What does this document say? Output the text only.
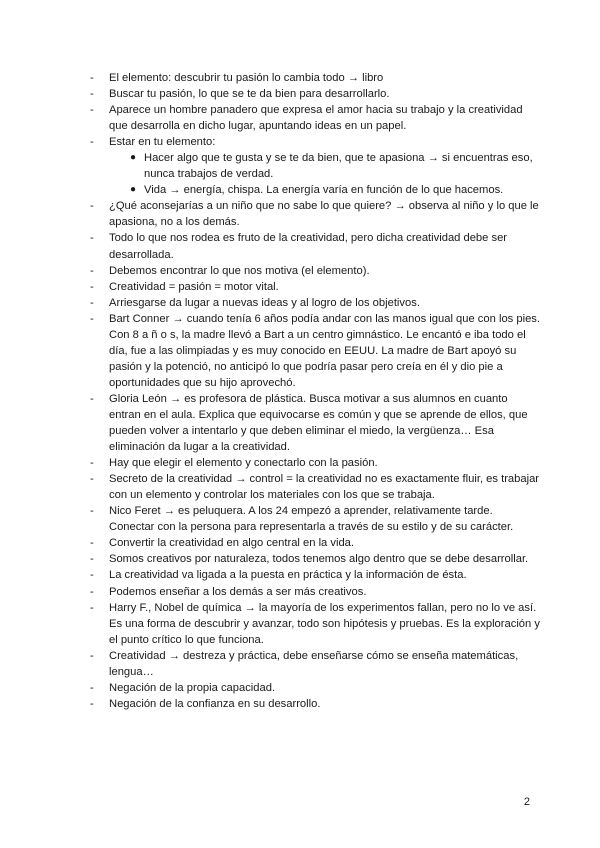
- El elemento: descubrir tu pasión lo cambia todo → libro
- Buscar tu pasión, lo que se te da bien para desarrollarlo.
- Aparece un hombre panadero que expresa el amor hacia su trabajo y la creatividad que desarrolla en dicho lugar, apuntando ideas en un papel.
- Estar en tu elemento:
● Hacer algo que te gusta y se te da bien, que te apasiona → si encuentras eso, nunca trabajos de verdad.
● Vida → energía, chispa. La energía varía en función de lo que hacemos.
- ¿Qué aconsejarías a un niño que no sabe lo que quiere? → observa al niño y lo que le apasiona, no a los demás.
- Todo lo que nos rodea es fruto de la creatividad, pero dicha creatividad debe ser desarrollada.
- Debemos encontrar lo que nos motiva (el elemento).
- Creatividad = pasión = motor vital.
- Arriesgarse da lugar a nuevas ideas y al logro de los objetivos.
- Bart Conner → cuando tenía 6 años podía andar con las manos igual que con los pies. Con 8 a ñ o s, la madre llevó a Bart a un centro gimnástico. Le encantó e iba todo el día, fue a las olimpiadas y es muy conocido en EEUU. La madre de Bart apoyó su pasión y la potenció, no anticipó lo que podría pasar pero creía en él y dio pie a oportunidades que su hijo aprovechó.
- Gloria León → es profesora de plástica. Busca motivar a sus alumnos en cuanto entran en el aula. Explica que equivocarse es común y que se aprende de ellos, que pueden volver a intentarlo y que deben eliminar el miedo, la vergüenza… Esa eliminación da lugar a la creatividad.
- Hay que elegir el elemento y conectarlo con la pasión.
- Secreto de la creatividad → control = la creatividad no es exactamente fluir, es trabajar con un elemento y controlar los materiales con los que se trabaja.
- Nico Feret → es peluquera. A los 24 empezó a aprender, relativamente tarde. Conectar con la persona para representarla a través de su estilo y de su carácter.
- Convertir la creatividad en algo central en la vida.
- Somos creativos por naturaleza, todos tenemos algo dentro que se debe desarrollar.
- La creatividad va ligada a la puesta en práctica y la información de ésta.
- Podemos enseñar a los demás a ser más creativos.
- Harry F., Nobel de química → la mayoría de los experimentos fallan, pero no lo ve así. Es una forma de descubrir y avanzar, todo son hipótesis y pruebas. Es la exploración y el punto crítico lo que funciona.
- Creatividad → destreza y práctica, debe enseñarse cómo se enseña matemáticas, lengua…
- Negación de la propia capacidad.
- Negación de la confianza en su desarrollo.
2
